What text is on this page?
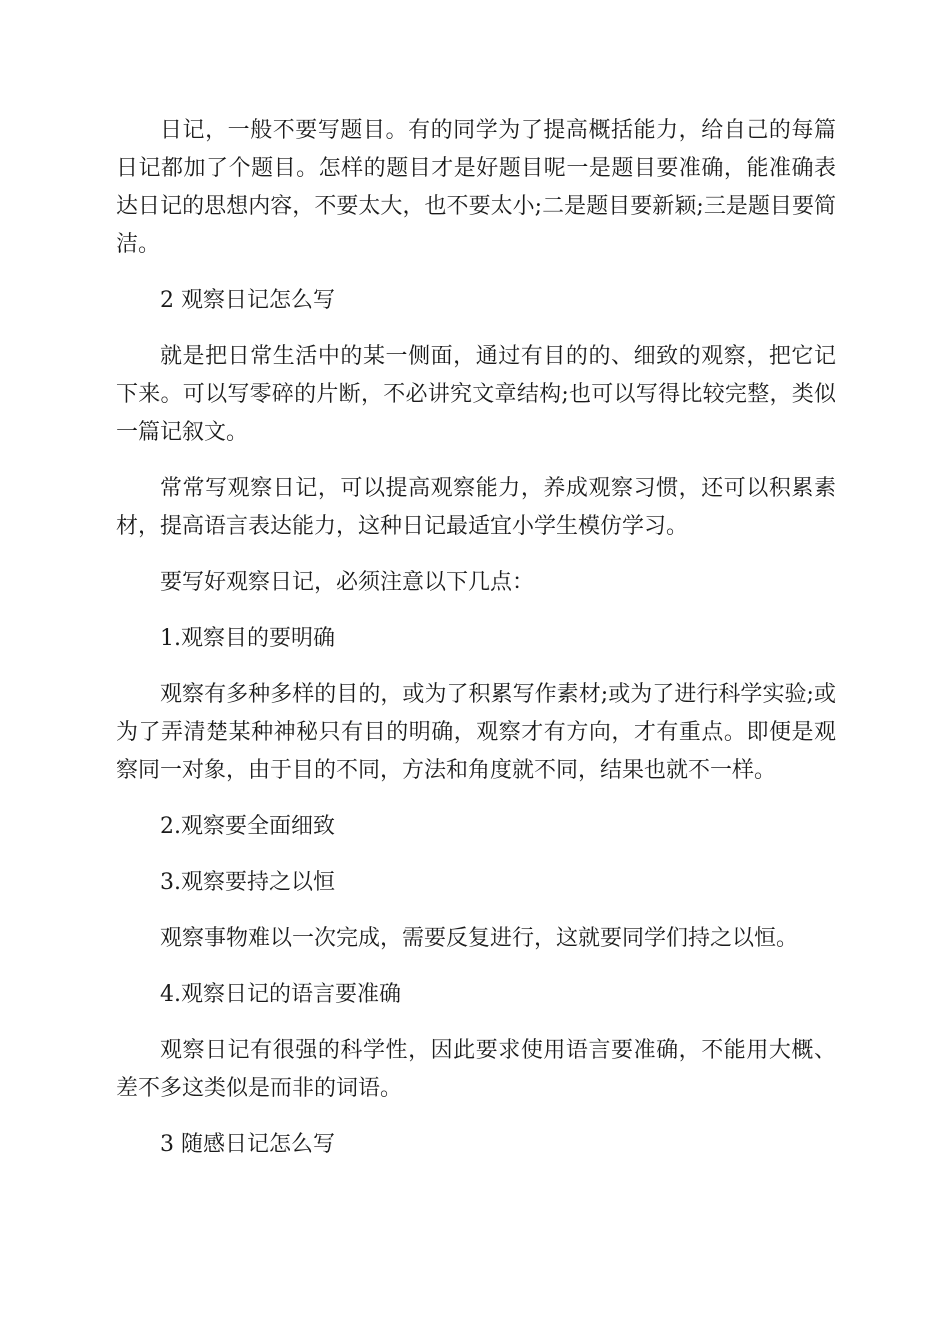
日记，一般不要写题目。有的同学为了提高概括能力，给自己的每篇日记都加了个题目。怎样的题目才是好题目呢一是题目要准确，能准确表达日记的思想内容，不要太大，也不要太小;二是题目要新颖;三是题目要简洁。

2 观察日记怎么写

就是把日常生活中的某一侧面，通过有目的的、细致的观察，把它记下来。可以写零碎的片断，不必讲究文章结构;也可以写得比较完整，类似一篇记叙文。

常常写观察日记，可以提高观察能力，养成观察习惯，还可以积累素材，提高语言表达能力，这种日记最适宜小学生模仿学习。

要写好观察日记，必须注意以下几点：

1.观察目的要明确

观察有多种多样的目的，或为了积累写作素材;或为了进行科学实验;或为了弄清楚某种神秘只有目的明确，观察才有方向，才有重点。即便是观察同一对象，由于目的不同，方法和角度就不同，结果也就不一样。

2.观察要全面细致

3.观察要持之以恒

观察事物难以一次完成，需要反复进行，这就要同学们持之以恒。

4.观察日记的语言要准确

观察日记有很强的科学性，因此要求使用语言要准确，不能用大概、差不多这类似是而非的词语。

3 随感日记怎么写
